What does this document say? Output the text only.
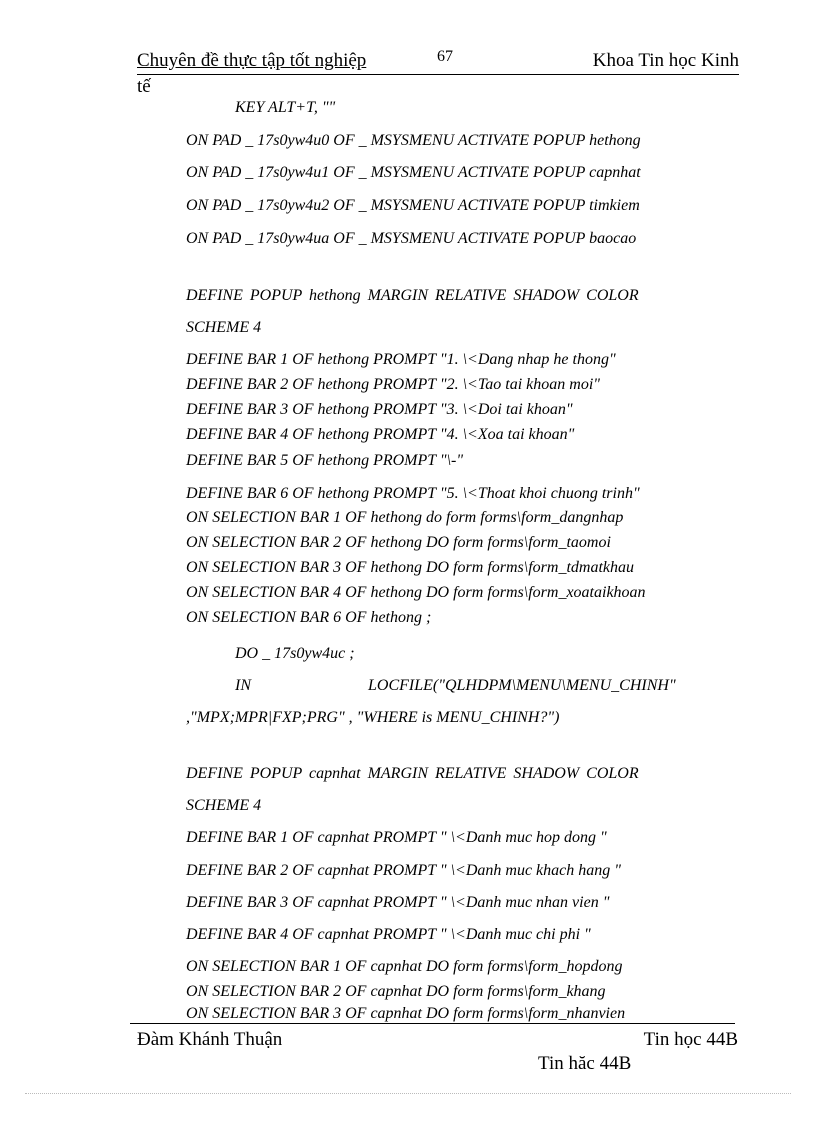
Chuyên đề thực tập tốt nghiệp	67	Khoa Tin học Kinh
tế
KEY ALT+T, ""
ON PAD _ 17s0yw4u0 OF _ MSYSMENU ACTIVATE POPUP hethong
ON PAD _ 17s0yw4u1 OF _ MSYSMENU ACTIVATE POPUP capnhat
ON PAD _ 17s0yw4u2 OF _ MSYSMENU ACTIVATE POPUP timkiem
ON PAD _ 17s0yw4ua OF _ MSYSMENU ACTIVATE POPUP baocao
DEFINE POPUP hethong MARGIN RELATIVE SHADOW COLOR
SCHEME 4
DEFINE BAR 1 OF hethong PROMPT "1. \<Dang nhap he thong"
DEFINE BAR 2 OF hethong PROMPT "2. \<Tao tai khoan moi"
DEFINE BAR 3 OF hethong PROMPT "3. \<Doi tai khoan"
DEFINE BAR 4 OF hethong PROMPT "4. \<Xoa tai khoan"
DEFINE BAR 5 OF hethong PROMPT "\-"
DEFINE BAR 6 OF hethong PROMPT "5. \<Thoat khoi chuong trinh"
ON SELECTION BAR 1 OF hethong do form forms\form_dangnhap
ON SELECTION BAR 2 OF hethong DO form forms\form_taomoi
ON SELECTION BAR 3 OF hethong DO form forms\form_tdmatkhau
ON SELECTION BAR 4 OF hethong DO form forms\form_xoataikhoan
ON SELECTION BAR 6 OF hethong ;
DO _ 17s0yw4uc ;
IN	LOCFILE("QLHDPM\MENU\MENU_CHINH"
,"MPX;MPR|FXP;PRG" , "WHERE is MENU_CHINH?")
DEFINE POPUP capnhat MARGIN RELATIVE SHADOW COLOR
SCHEME 4
DEFINE BAR 1 OF capnhat PROMPT " \<Danh muc hop dong "
DEFINE BAR 2 OF capnhat PROMPT " \<Danh muc khach hang "
DEFINE BAR 3 OF capnhat PROMPT " \<Danh muc nhan vien "
DEFINE BAR 4 OF capnhat PROMPT " \<Danh muc chi phi "
ON SELECTION BAR 1 OF capnhat DO form forms\form_hopdong
ON SELECTION BAR 2 OF capnhat DO form forms\form_khang
ON SELECTION BAR 3 OF capnhat DO form forms\form_nhanvien
Đàm Khánh Thuận	Tin học 44B
Tin hăc 44B
